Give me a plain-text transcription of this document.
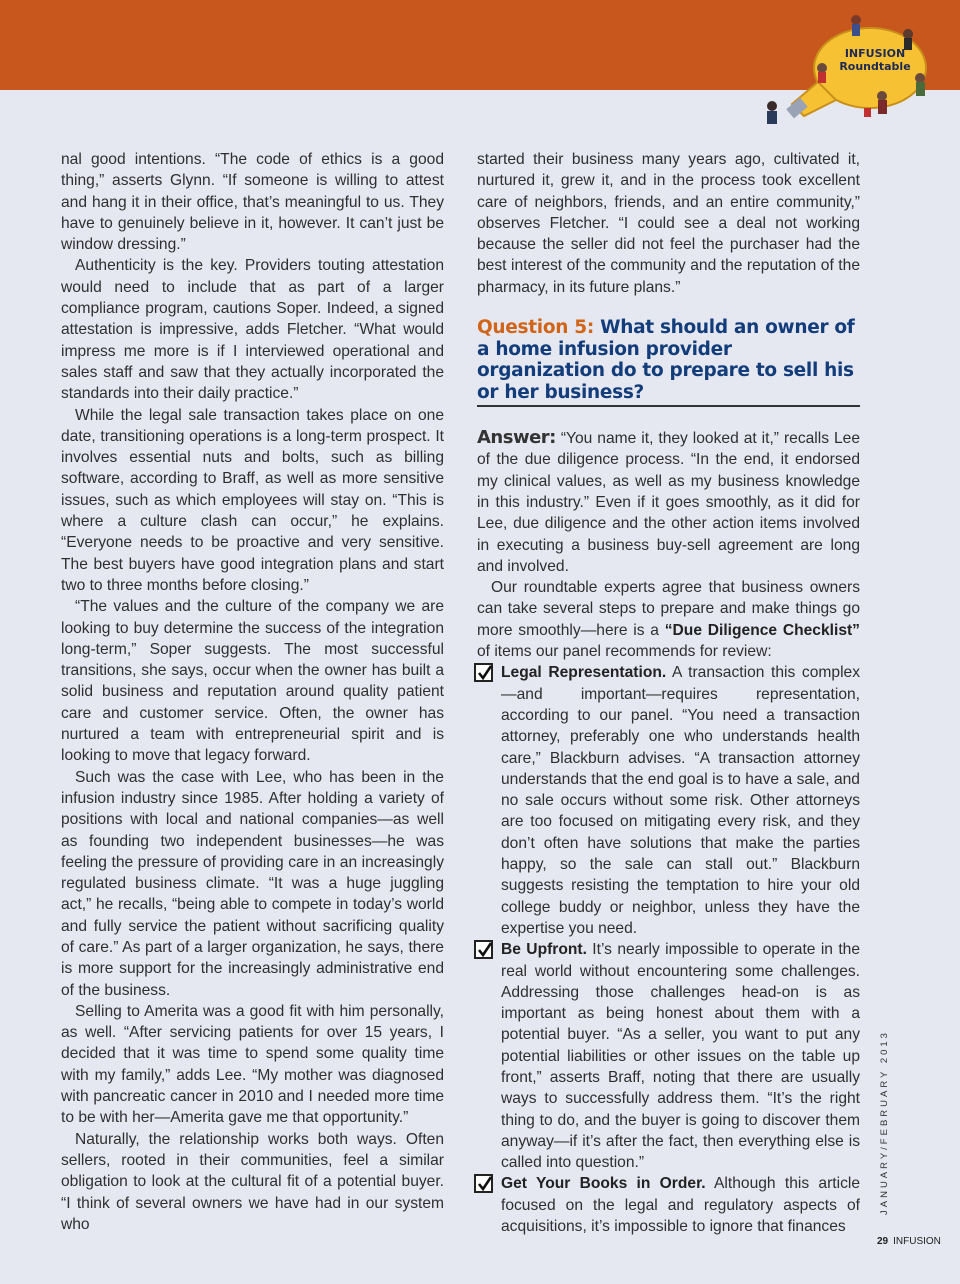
INFUSION
Roundtable

nal good intentions. “The code of ethics is a good thing,” asserts Glynn. “If someone is willing to attest and hang it in their office, that’s meaningful to us. They have to genuinely believe in it, however. It can’t just be window dressing.”

Authenticity is the key. Providers touting attestation would need to include that as part of a larger compliance program, cautions Soper. Indeed, a signed attestation is impressive, adds Fletcher. “What would impress me more is if I interviewed operational and sales staff and saw that they actually incorporated the standards into their daily practice.”

While the legal sale transaction takes place on one date, transitioning operations is a long-term prospect. It involves essential nuts and bolts, such as billing software, according to Braff, as well as more sensitive issues, such as which employees will stay on. “This is where a culture clash can occur,” he explains. “Everyone needs to be proactive and very sensitive. The best buyers have good integration plans and start two to three months before closing.”

“The values and the culture of the company we are looking to buy determine the success of the integration long-term,” Soper suggests. The most successful transitions, she says, occur when the owner has built a solid business and reputation around quality patient care and customer service. Often, the owner has nurtured a team with entrepreneurial spirit and is looking to move that legacy forward.

Such was the case with Lee, who has been in the infusion industry since 1985. After holding a variety of positions with local and national companies—as well as founding two independent businesses—he was feeling the pressure of providing care in an increasingly regulated business climate. “It was a huge juggling act,” he recalls, “being able to compete in today’s world and fully service the patient without sacrificing quality of care.” As part of a larger organization, he says, there is more support for the increasingly administrative end of the business.

Selling to Amerita was a good fit with him personally, as well. “After servicing patients for over 15 years, I decided that it was time to spend some quality time with my family,” adds Lee. “My mother was diagnosed with pancreatic cancer in 2010 and I needed more time to be with her—Amerita gave me that opportunity.”

Naturally, the relationship works both ways. Often sellers, rooted in their communities, feel a similar obligation to look at the cultural fit of a potential buyer. “I think of several owners we have had in our system who

started their business many years ago, cultivated it, nurtured it, grew it, and in the process took excellent care of neighbors, friends, and an entire community,” observes Fletcher. “I could see a deal not working because the seller did not feel the purchaser had the best interest of the community and the reputation of the pharmacy, in its future plans.”

Question 5: What should an owner of a home infusion provider organization do to prepare to sell his or her business?

Answer: “You name it, they looked at it,” recalls Lee of the due diligence process. “In the end, it endorsed my clinical values, as well as my business knowledge in this industry.” Even if it goes smoothly, as it did for Lee, due diligence and the other action items involved in executing a business buy-sell agreement are long and involved.

Our roundtable experts agree that business owners can take several steps to prepare and make things go more smoothly—here is a “Due Diligence Checklist” of items our panel recommends for review:

Legal Representation. A transaction this complex—and important—requires representation, according to our panel. “You need a transaction attorney, preferably one who understands health care,” Blackburn advises. “A transaction attorney understands that the end goal is to have a sale, and no sale occurs without some risk. Other attorneys are too focused on mitigating every risk, and they don’t often have solutions that make the parties happy, so the sale can stall out.” Blackburn suggests resisting the temptation to hire your old college buddy or neighbor, unless they have the expertise you need.

Be Upfront. It’s nearly impossible to operate in the real world without encountering some challenges. Addressing those challenges head-on is as important as being honest about them with a potential buyer. “As a seller, you want to put any potential liabilities or other issues on the table up front,” asserts Braff, noting that there are usually ways to successfully address them. “It’s the right thing to do, and the buyer is going to discover them anyway—if it’s after the fact, then everything else is called into question.”

Get Your Books in Order. Although this article focused on the legal and regulatory aspects of acquisitions, it’s impossible to ignore that finances

JANUARY/FEBRUARY 2013
29 INFUSION
